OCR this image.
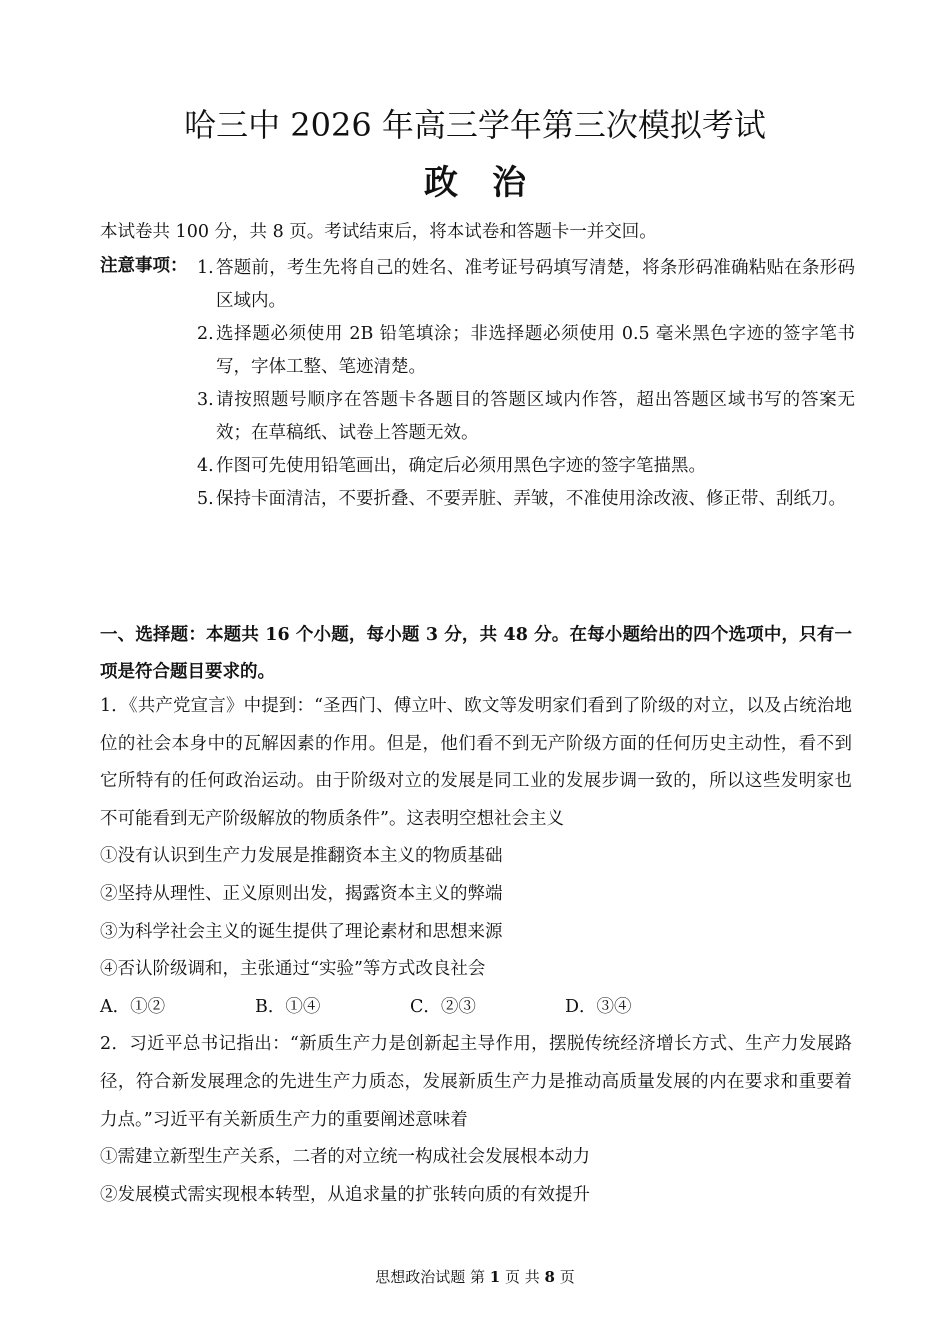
哈三中 2026 年高三学年第三次模拟考试
政治
本试卷共 100 分，共 8 页。考试结束后，将本试卷和答题卡一并交回。
注意事项： 1. 答题前，考生先将自己的姓名、准考证号码填写清楚，将条形码准确粘贴在条形码区域内。
2. 选择题必须使用 2B 铅笔填涂；非选择题必须使用 0.5 毫米黑色字迹的签字笔书写，字体工整、笔迹清楚。
3. 请按照题号顺序在答题卡各题目的答题区域内作答，超出答题区域书写的答案无效；在草稿纸、试卷上答题无效。
4. 作图可先使用铅笔画出，确定后必须用黑色字迹的签字笔描黑。
5. 保持卡面清洁，不要折叠、不要弄脏、弄皱，不准使用涂改液、修正带、刮纸刀。
一、选择题：本题共 16 个小题，每小题 3 分，共 48 分。在每小题给出的四个选项中，只有一项是符合题目要求的。

1．《共产党宣言》中提到：“圣西门、傅立叶、欧文等发明家们看到了阶级的对立，以及占统治地位的社会本身中的瓦解因素的作用。但是，他们看不到无产阶级方面的任何历史主动性，看不到它所特有的任何政治运动。由于阶级对立的发展是同工业的发展步调一致的，所以这些发明家也不可能看到无产阶级解放的物质条件”。这表明空想社会主义

①没有认识到生产力发展是推翻资本主义的物质基础

②坚持从理性、正义原则出发，揭露资本主义的弊端

③为科学社会主义的诞生提供了理论素材和思想来源

④否认阶级调和，主张通过“实验”等方式改良社会

A．①②	B．①④	C．②③	D．③④

2．习近平总书记指出：“新质生产力是创新起主导作用，摆脱传统经济增长方式、生产力发展路径，符合新发展理念的先进生产力质态，发展新质生产力是推动高质量发展的内在要求和重要着力点。”习近平有关新质生产力的重要阐述意味着

①需建立新型生产关系，二者的对立统一构成社会发展根本动力

②发展模式需实现根本转型，从追求量的扩张转向质的有效提升

思想政治试题 第 1 页 共 8 页
